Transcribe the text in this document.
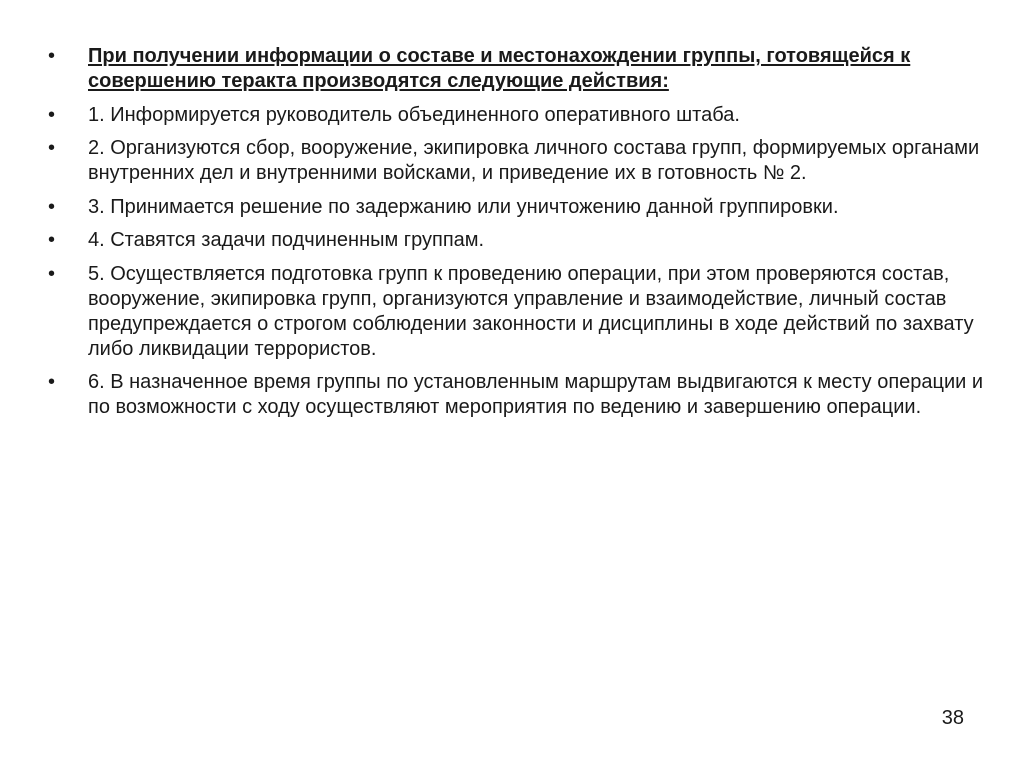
•	При получении информации о составе и местонахождении группы, готовящейся к совершению теракта производятся следующие действия:
•	1. Информируется руководитель объединенного оперативного штаба.
•	2. Организуются сбор, вооружение, экипировка личного состава групп, формируемых органами внутренних дел и внутренними войсками, и приведение их в готовность № 2.
•	3. Принимается решение по задержанию или уничтожению данной группировки.
•	4. Ставятся задачи подчиненным группам.
•	5. Осуществляется подготовка групп к проведению операции, при этом проверяются состав, вооружение, экипировка групп, организуются управление и взаимодействие, личный состав предупреждается о строгом соблюдении законности и дисциплины в ходе действий по захвату либо ликвидации террористов.
•	6. В назначенное время группы по установленным маршрутам выдвигаются к месту операции и по возможности с ходу осуществляют мероприятия по ведению и завершению операции.
38
